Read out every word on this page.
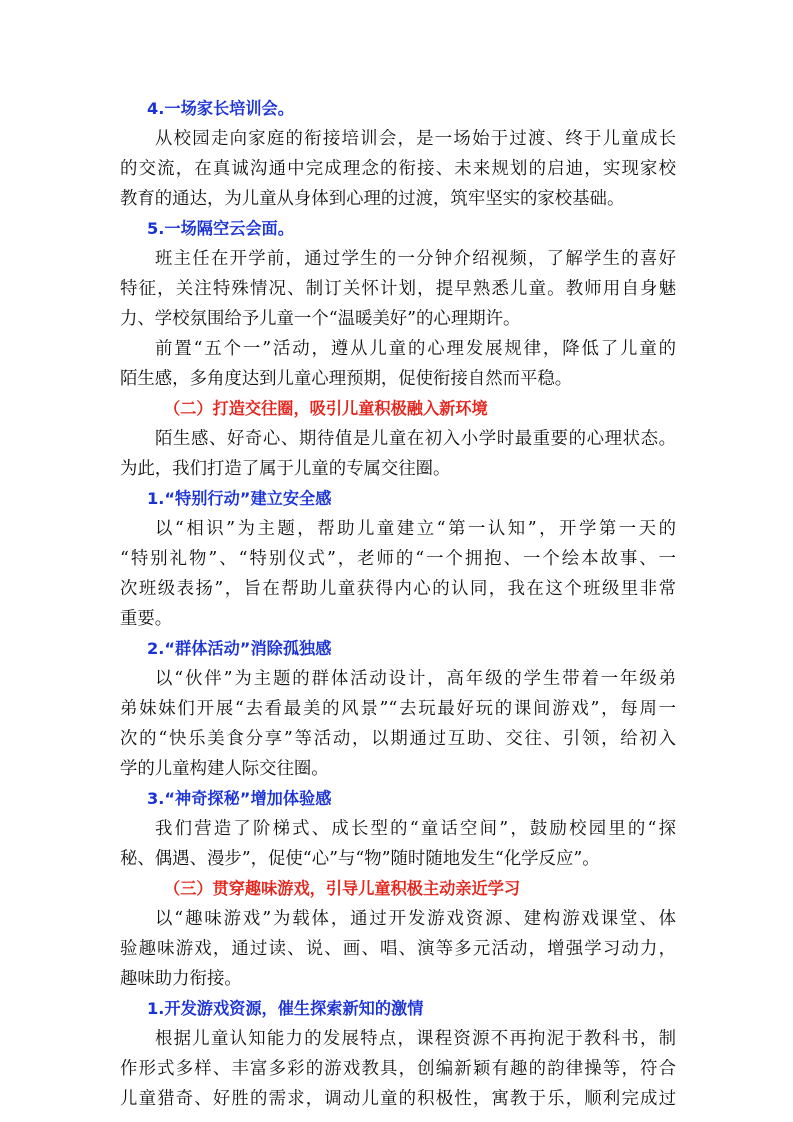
4.一场家长培训会。
从校园走向家庭的衔接培训会，是一场始于过渡、终于儿童成长
的交流，在真诚沟通中完成理念的衔接、未来规划的启迪，实现家校
教育的通达，为儿童从身体到心理的过渡，筑牢坚实的家校基础。
5.一场隔空云会面。
班主任在开学前，通过学生的一分钟介绍视频，了解学生的喜好
特征，关注特殊情况、制订关怀计划，提早熟悉儿童。教师用自身魅
力、学校氛围给予儿童一个“温暖美好”的心理期许。
前置“五个一”活动，遵从儿童的心理发展规律，降低了儿童的
陌生感，多角度达到儿童心理预期，促使衔接自然而平稳。
（二）打造交往圈，吸引儿童积极融入新环境
陌生感、好奇心、期待值是儿童在初入小学时最重要的心理状态。
为此，我们打造了属于儿童的专属交往圈。
1.“特别行动”建立安全感
以“相识”为主题，帮助儿童建立“第一认知”，开学第一天的
“特别礼物”、“特别仪式”，老师的“一个拥抱、一个绘本故事、一
次班级表扬”，旨在帮助儿童获得内心的认同，我在这个班级里非常
重要。
2.“群体活动”消除孤独感
以“伙伴”为主题的群体活动设计，高年级的学生带着一年级弟
弟妹妹们开展“去看最美的风景”“去玩最好玩的课间游戏”，每周一
次的“快乐美食分享”等活动，以期通过互助、交往、引领，给初入
学的儿童构建人际交往圈。
3.“神奇探秘”增加体验感
我们营造了阶梯式、成长型的“童话空间”，鼓励校园里的“探
秘、偶遇、漫步”，促使“心”与“物”随时随地发生“化学反应”。
（三）贯穿趣味游戏，引导儿童积极主动亲近学习
以“趣味游戏”为载体，通过开发游戏资源、建构游戏课堂、体
验趣味游戏，通过读、说、画、唱、演等多元活动，增强学习动力，
趣味助力衔接。
1.开发游戏资源，催生探索新知的激情
根据儿童认知能力的发展特点，课程资源不再拘泥于教科书，制
作形式多样、丰富多彩的游戏教具，创编新颖有趣的韵律操等，符合
儿童猎奇、好胜的需求，调动儿童的积极性，寓教于乐，顺利完成过
